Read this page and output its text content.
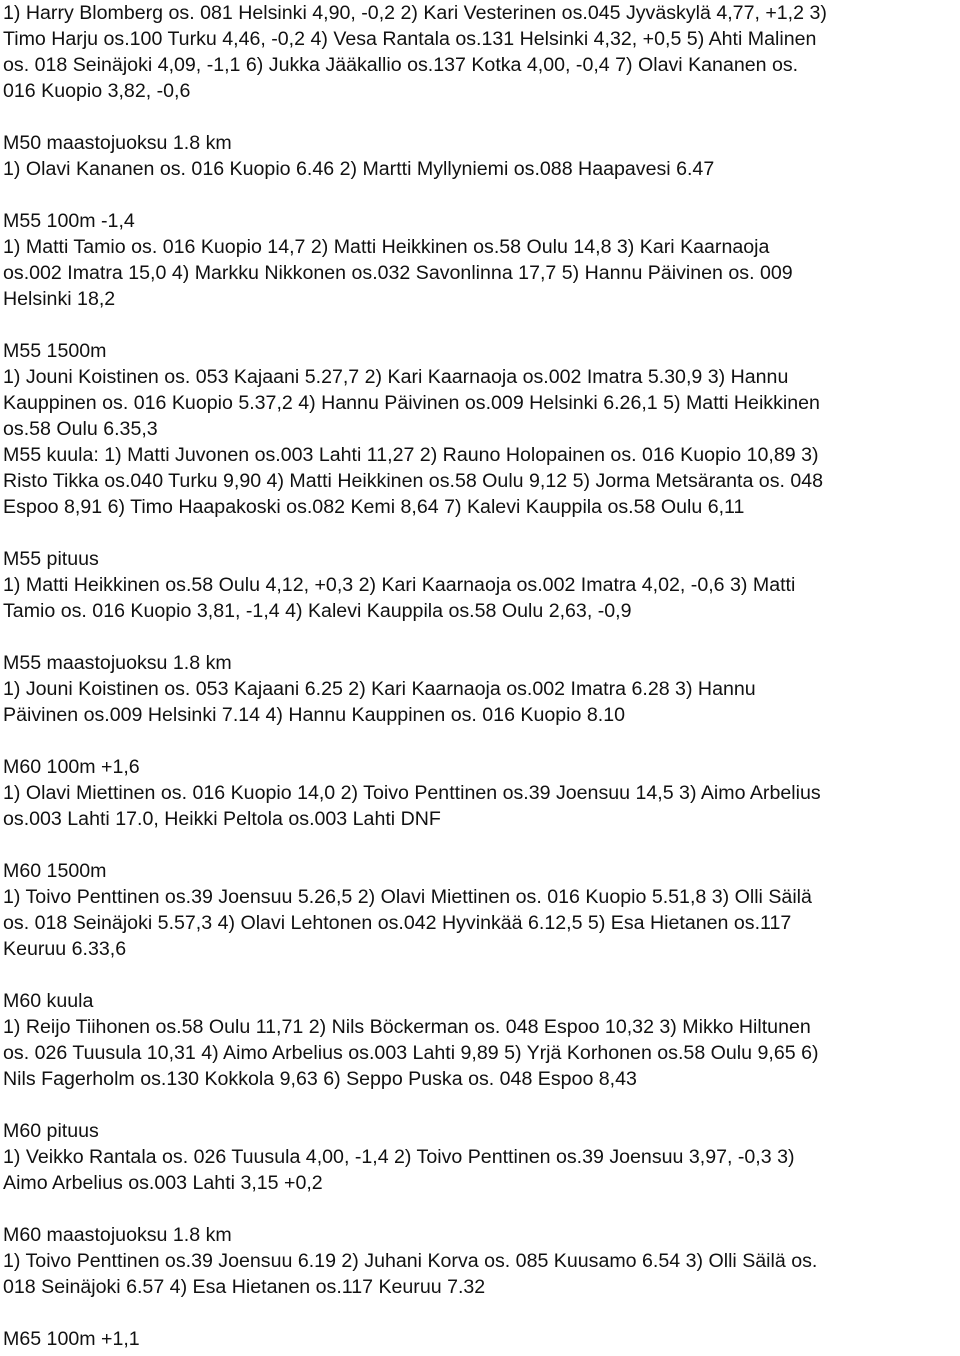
1) Harry Blomberg os. 081 Helsinki 4,90, -0,2 2) Kari Vesterinen os.045 Jyväskylä 4,77, +1,2 3)
Timo Harju os.100 Turku 4,46, -0,2 4) Vesa Rantala os.131 Helsinki 4,32, +0,5 5) Ahti Malinen
os. 018 Seinäjoki 4,09, -1,1 6) Jukka Jääkallio os.137 Kotka 4,00, -0,4 7) Olavi Kananen os.
016 Kuopio 3,82, -0,6
M50 maastojuoksu 1.8 km
1) Olavi Kananen os. 016 Kuopio 6.46 2) Martti Myllyniemi os.088 Haapavesi 6.47
M55 100m -1,4
1) Matti Tamio os. 016 Kuopio 14,7 2) Matti Heikkinen os.58 Oulu 14,8 3) Kari Kaarnaoja
os.002 Imatra 15,0 4) Markku Nikkonen os.032 Savonlinna 17,7 5) Hannu Päivinen os. 009
Helsinki 18,2
M55 1500m
1) Jouni Koistinen os. 053 Kajaani 5.27,7 2) Kari Kaarnaoja os.002 Imatra 5.30,9 3) Hannu
Kauppinen os. 016 Kuopio 5.37,2 4) Hannu Päivinen os.009 Helsinki 6.26,1 5) Matti Heikkinen
os.58 Oulu 6.35,3
M55 kuula: 1) Matti Juvonen os.003 Lahti 11,27 2) Rauno Holopainen os. 016 Kuopio 10,89 3)
Risto Tikka os.040 Turku 9,90 4) Matti Heikkinen os.58 Oulu 9,12 5) Jorma Metsäranta os. 048
Espoo 8,91 6) Timo Haapakoski os.082 Kemi 8,64 7) Kalevi Kauppila os.58 Oulu 6,11
M55 pituus
1) Matti Heikkinen os.58 Oulu 4,12, +0,3 2) Kari Kaarnaoja os.002 Imatra 4,02, -0,6 3) Matti
Tamio os. 016 Kuopio 3,81, -1,4 4) Kalevi Kauppila os.58 Oulu 2,63, -0,9
M55 maastojuoksu 1.8 km
1) Jouni Koistinen os. 053 Kajaani 6.25 2) Kari Kaarnaoja os.002 Imatra 6.28 3) Hannu
Päivinen os.009 Helsinki 7.14 4) Hannu Kauppinen os. 016 Kuopio 8.10
M60 100m +1,6
1) Olavi Miettinen os. 016 Kuopio 14,0 2) Toivo Penttinen os.39 Joensuu 14,5 3) Aimo Arbelius
os.003 Lahti 17.0, Heikki Peltola os.003 Lahti DNF
M60 1500m
1) Toivo Penttinen os.39 Joensuu 5.26,5 2) Olavi Miettinen os. 016 Kuopio 5.51,8 3) Olli Säilä
os. 018 Seinäjoki 5.57,3 4) Olavi Lehtonen os.042 Hyvinkää 6.12,5 5) Esa Hietanen os.117
Keuruu 6.33,6
M60 kuula
1) Reijo Tiihonen os.58 Oulu 11,71 2) Nils Böckerman os. 048 Espoo 10,32 3) Mikko Hiltunen
os. 026 Tuusula 10,31 4) Aimo Arbelius os.003 Lahti 9,89 5) Yrjä Korhonen os.58 Oulu 9,65 6)
Nils Fagerholm os.130 Kokkola 9,63 6) Seppo Puska os. 048 Espoo 8,43
M60 pituus
1) Veikko Rantala os. 026 Tuusula 4,00, -1,4 2) Toivo Penttinen os.39 Joensuu 3,97, -0,3 3)
Aimo Arbelius os.003 Lahti 3,15 +0,2
M60 maastojuoksu 1.8 km
1) Toivo Penttinen os.39 Joensuu 6.19 2) Juhani Korva os. 085 Kuusamo 6.54 3) Olli Säilä os.
018 Seinäjoki 6.57 4) Esa Hietanen os.117 Keuruu 7.32
M65 100m +1,1
